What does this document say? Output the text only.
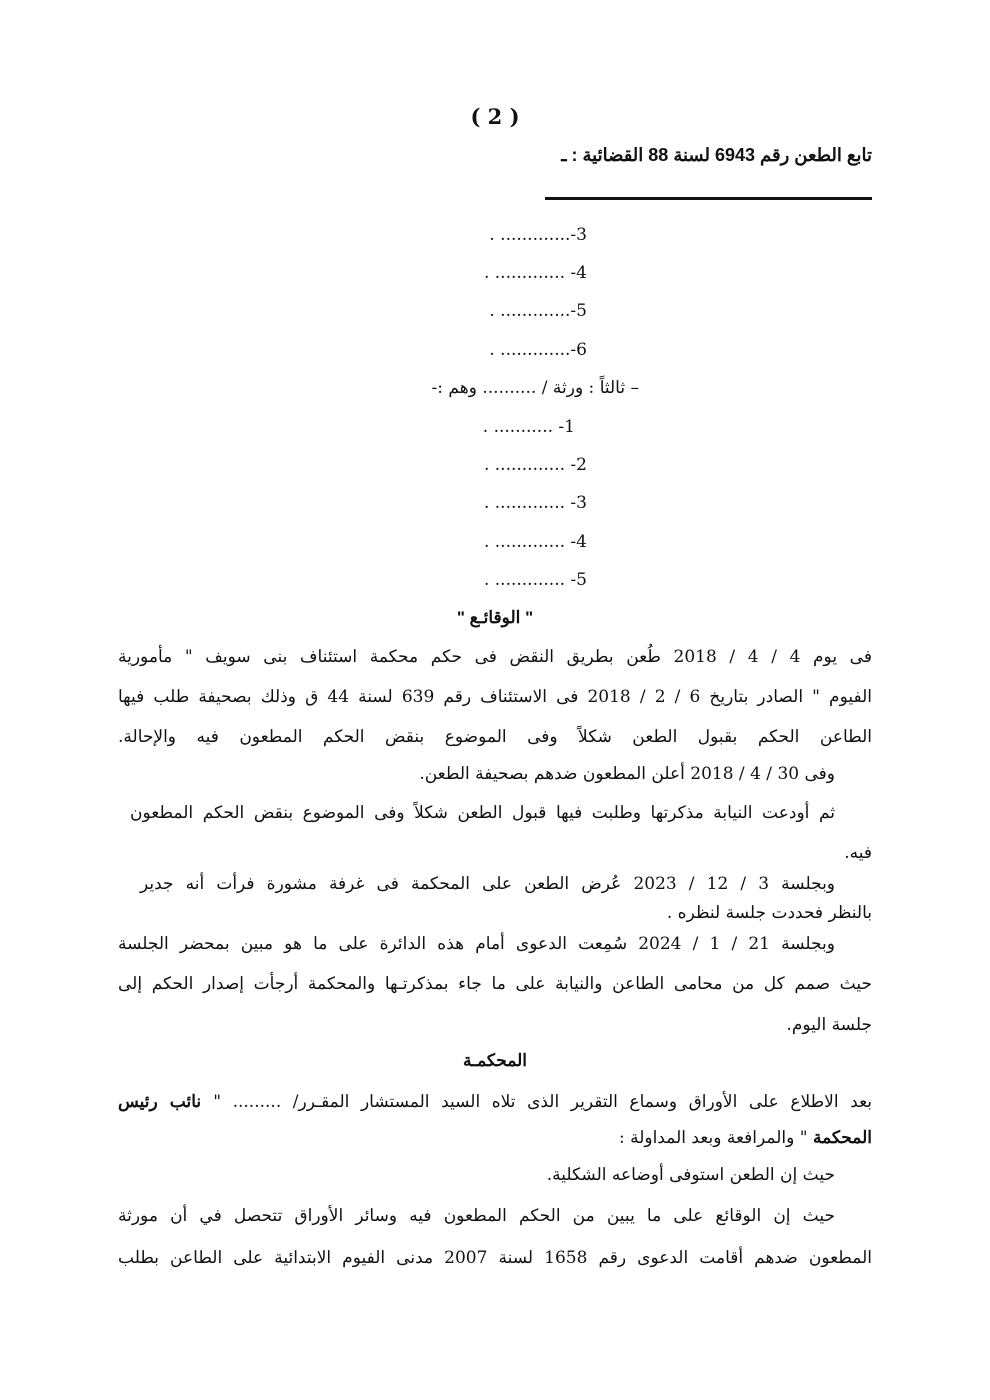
( 2 )
تابع الطعن رقم 6943 لسنة 88 القضائية : ـ
3-............. .
4- ............. .
5-............. .
6-............. .
– ثالثاً : ورثة / .......... وهم :-
1- ........... .
2- ............. .
3- ............. .
4- ............. .
5- ............. .
" الوقائـع "
فى يوم 4 / 4 / 2018 طُعن بطريق النقض فى حكم محكمة استئناف بنى سويف " مأمورية
الفيوم " الصادر بتاريخ 6 / 2 / 2018 فى الاستئناف رقم 639 لسنة 44 ق وذلك بصحيفة طلب فيها
الطاعن الحكم بقبول الطعن شكلاً وفى الموضوع بنقض الحكم المطعون فيه والإحالة.
وفى 30 / 4 / 2018 أعلن المطعون ضدهم بصحيفة الطعن.
ثم أودعت النيابة مذكرتها وطلبت فيها قبول الطعن شكلاً وفى الموضوع بنقض الحكم المطعون
فيه.
وبجلسة 3 / 12 / 2023 عُرض الطعن على المحكمة فى غرفة مشورة فرأت أنه جدير
بالنظر فحددت جلسة لنظره .
وبجلسة 21 / 1 / 2024 سُمِعت الدعوى أمام هذه الدائرة على ما هو مبين بمحضر الجلسة
حيث صمم كل من محامى الطاعن والنيابة على ما جاء بمذكرتـها والمحكمة أرجأت إصدار الحكم إلى
جلسة اليوم.
المحكمـة
بعد الاطلاع على الأوراق وسماع التقرير الذى تلاه السيد المستشار المقـرر/ ......... " نائب رئيس
المحكمة " والمرافعة وبعد المداولة :
حيث إن الطعن استوفى أوضاعه الشكلية.
حيث إن الوقائع على ما يبين من الحكم المطعون فيه وسائر الأوراق تتحصل في أن مورثة
المطعون ضدهم أقامت الدعوى رقم 1658 لسنة 2007 مدنى الفيوم الابتدائية على الطاعن بطلب
